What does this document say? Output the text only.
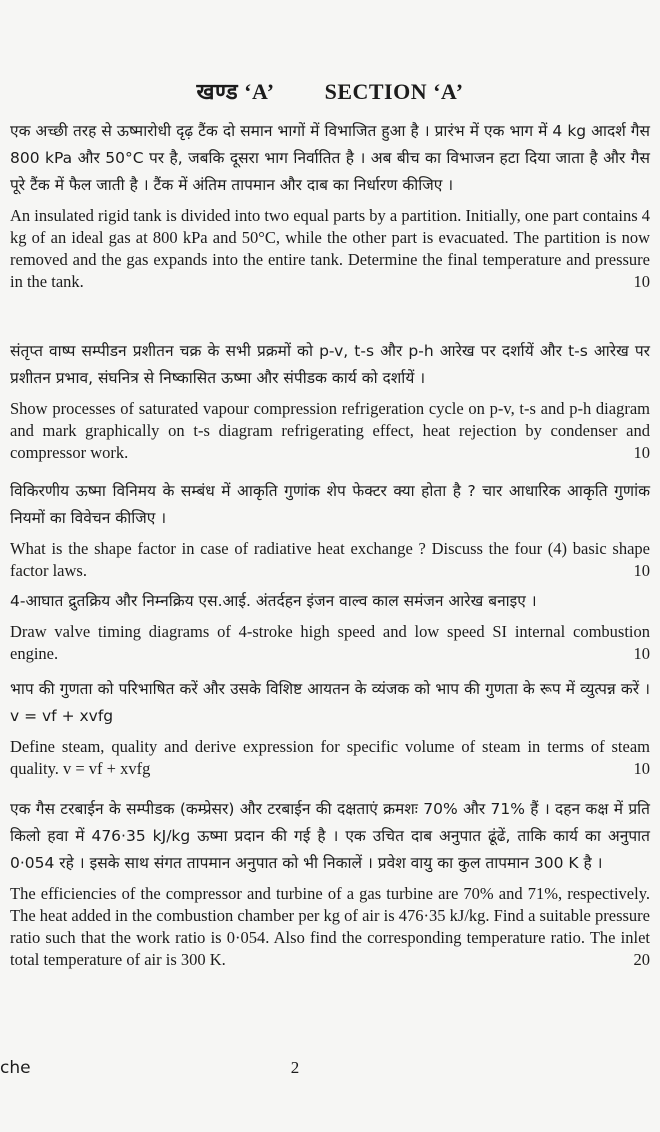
खण्ड ‘A’ SECTION ‘A’

एक अच्छी तरह से ऊष्मारोधी दृढ़ टैंक दो समान भागों में विभाजित हुआ है । प्रारंभ में एक भाग में 4 kg आदर्श गैस 800 kPa और 50°C पर है, जबकि दूसरा भाग निर्वातित है । अब बीच का विभाजन हटा दिया जाता है और गैस पूरे टैंक में फैल जाती है । टैंक में अंतिम तापमान और दाब का निर्धारण कीजिए ।

An insulated rigid tank is divided into two equal parts by a partition. Initially, one part contains 4 kg of an ideal gas at 800 kPa and 50°C, while the other part is evacuated. The partition is now removed and the gas expands into the entire tank. Determine the final temperature and pressure in the tank.	10

संतृप्त वाष्प सम्पीडन प्रशीतन चक्र के सभी प्रक्रमों को p-v, t-s और p-h आरेख पर दर्शायें और t-s आरेख पर प्रशीतन प्रभाव, संघनित्र से निष्कासित ऊष्मा और संपीडक कार्य को दर्शायें ।

Show processes of saturated vapour compression refrigeration cycle on p-v, t-s and p-h diagram and mark graphically on t-s diagram refrigerating effect, heat rejection by condenser and compressor work.	10

विकिरणीय ऊष्मा विनिमय के सम्बंध में आकृति गुणांक शेप फेक्टर क्या होता है ? चार आधारिक आकृति गुणांक नियमों का विवेचन कीजिए ।

What is the shape factor in case of radiative heat exchange ? Discuss the four (4) basic shape factor laws.	10

4-आघात द्रुतक्रिय और निम्नक्रिय एस.आई. अंतर्दहन इंजन वाल्व काल समंजन आरेख बनाइए ।

Draw valve timing diagrams of 4-stroke high speed and low speed SI internal combustion engine.	10

भाप की गुणता को परिभाषित करें और उसके विशिष्ट आयतन के व्यंजक को भाप की गुणता के रूप में व्युत्पन्न करें । v = vf + xvfg

Define steam, quality and derive expression for specific volume of steam in terms of steam quality. v = vf + xvfg	10

एक गैस टरबाईन के सम्पीडक (कम्प्रेसर) और टरबाईन की दक्षताएं क्रमशः 70% और 71% हैं । दहन कक्ष में प्रति किलो हवा में 476·35 kJ/kg ऊष्मा प्रदान की गई है । एक उचित दाब अनुपात ढूंढें, ताकि कार्य का अनुपात 0·054 रहे । इसके साथ संगत तापमान अनुपात को भी निकालें । प्रवेश वायु का कुल तापमान 300 K है ।

The efficiencies of the compressor and turbine of a gas turbine are 70% and 71%, respectively. The heat added in the combustion chamber per kg of air is 476·35 kJ/kg. Find a suitable pressure ratio such that the work ratio is 0·054. Also find the corresponding temperature ratio. The inlet total temperature of air is 300 K.	20

che	2
